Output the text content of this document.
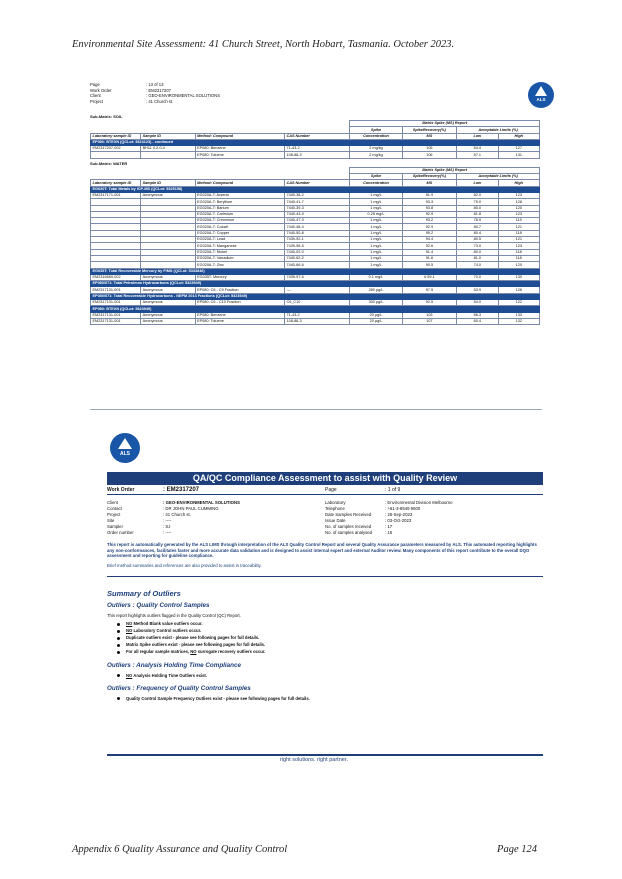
Environmental Site Assessment: 41 Church Street, North Hobart, Tasmania. October 2023.
Page	: 13 of 13
Work Order	: EM2317207
Client	: GEO-ENVIRONMENTAL SOLUTIONS
Project	: 41 Church st.	ALS
Sub-Matrix: SOIL
				Matrix Spike (MS) Report			
				Spike	SpikeRecovery(%)	Acceptable Limits (%)	
Laboratory sample ID	Sample ID	Method: Compound	CAS Number	Concentration	MS	Low	High
EP080: BTEXN (QCLot: 5324123) - continued							
EM2317207-002	BH11 0.2-0.4	EP080: Benzene	71-43-2	2 mg/kg	105	54.4	127
		EP080: Toluene	108-88-3	2 mg/kg	106	57.1	131
Sub-Matrix: WATER
				Matrix Spike (MS) Report			
				Spike	SpikeRecovery(%)	Acceptable Limits (%)	
Laboratory sample ID	Sample ID	Method: Compound	CAS Number	Concentration	MS	Low	High
EG020T: Total Metals by ICP-MS (QCLot: 5325158)							
EM2317171-001	Anonymous	EG020A-T: Arsenic	7440-38-2	1 mg/L	91.9	82.0	123
		EG020A-T: Beryllium	7440-41-7	1 mg/L	93.3	79.0	128
		EG020A-T: Barium	7440-39-3	1 mg/L	93.8	80.0	120
		EG020A-T: Cadmium	7440-43-9	0.25 mg/L	92.9	81.8	123
		EG020A-T: Chromium	7440-47-3	1 mg/L	93.2	78.9	119
		EG020A-T: Cobalt	7440-48-4	1 mg/L	92.9	80.7	121
		EG020A-T: Copper	7440-50-8	1 mg/L	95.2	80.4	118
		EG020A-T: Lead	7439-92-1	1 mg/L	94.4	80.5	121
		EG020A-T: Manganese	7439-96-5	1 mg/L	92.6	73.0	123
		EG020A-T: Nickel	7440-02-0	1 mg/L	91.4	80.0	118
		EG020A-T: Vanadium	7440-62-2	1 mg/L	91.6	81.0	118
		EG020A-T: Zinc	7440-66-6	1 mg/L	90.5	74.0	120
EG035T: Total Recoverable Mercury by FIMS (QCLot: 5333846)							
EM2316669-002	Anonymous	EG035T: Mercury	7439-97-6	0.1 mg/L	# 59.1	70.0	130
EP080/071: Total Petroleum Hydrocarbons (QCLot: 5323949)							
EM2317131-001	Anonymous	EP080: C6 - C9 Fraction	----	280 µg/L	97.5	53.9	126
EP080/071: Total Recoverable Hydrocarbons - NEPM 2013 Fractions (QCLot: 5323949)							
EM2317131-001	Anonymous	EP080: C6 - C10 Fraction	C6_C10	330 µg/L	92.5	54.0	122
EP080: BTEXN (QCLot: 5323949)							
EM2317131-001	Anonymous	EP080: Benzene	71-43-2	20 µg/L	103	56.3	133
EM2317131-001	Anonymous	EP080: Toluene	108-88-3	20 µg/L	107	60.4	132
ALS
QA/QC Compliance Assessment to assist with Quality Review
Work Order	: EM2317207	Page	: 1 of 9
Client	: GEO-ENVIRONMENTAL SOLUTIONS
Contact	: DR JOHN PAUL CUMMING
Project	: 41 Church st.
Site	: ----
Sampler	: SJ
Order number	: ----
Laboratory	: Environmental Division Melbourne
Telephone	: +61-3-8549 9600
Date Samples Received	: 26-Sep-2023
Issue Date	: 03-Oct-2023
No. of samples received	: 17
No. of samples analysed	: 16
This report is automatically generated by the ALS LIMS through interpretation of the ALS Quality Control Report and several Quality Assurance parameters measured by ALS. This automated reporting highlights any non-conformances, facilitates faster and more accurate data validation and is designed to assist internal expert and external Auditor review. Many components of this report contribute to the overall DQO assessment and reporting for guideline compliance.
Brief method summaries and references are also provided to assist in traceability.
Summary of Outliers
Outliers : Quality Control Samples
This report highlights outliers flagged in the Quality Control (QC) Report.
NO Method Blank value outliers occur.
NO Laboratory Control outliers occur.
Duplicate outliers exist - please see following pages for full details.
Matrix Spike outliers exist - please see following pages for full details.
For all regular sample matrices, NO surrogate recovery outliers occur.
Outliers : Analysis Holding Time Compliance
NO Analysis Holding Time Outliers exist.
Outliers : Frequency of Quality Control Samples
Quality Control Sample Frequency Outliers exist - please see following pages for full details.
right solutions. right partner.
Appendix 6 Quality Assurance and Quality Control	Page 124
